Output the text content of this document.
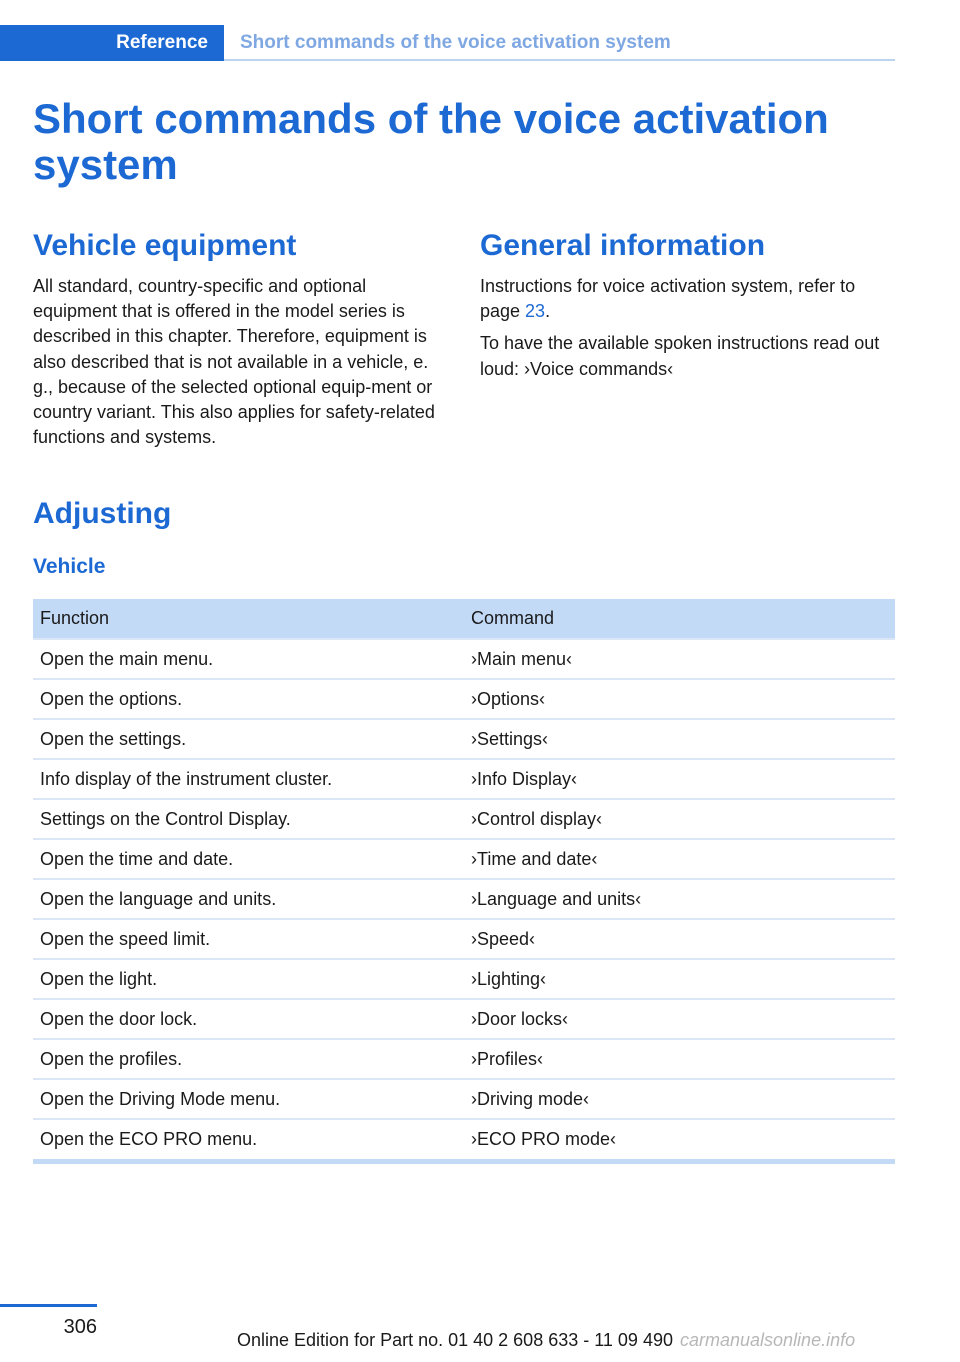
Reference	Short commands of the voice activation system
Short commands of the voice activation system
Vehicle equipment

All standard, country-specific and optional equipment that is offered in the model series is described in this chapter. Therefore, equipment is also described that is not available in a vehicle, e. g., because of the selected optional equip-ment or country variant. This also applies for safety-related functions and systems.

General information

Instructions for voice activation system, refer to page 23.

To have the available spoken instructions read out loud: ›Voice commands‹

Adjusting
Vehicle
Function	Command
Open the main menu.	›Main menu‹
Open the options.	›Options‹
Open the settings.	›Settings‹
Info display of the instrument cluster.	›Info Display‹
Settings on the Control Display.	›Control display‹
Open the time and date.	›Time and date‹
Open the language and units.	›Language and units‹
Open the speed limit.	›Speed‹
Open the light.	›Lighting‹
Open the door lock.	›Door locks‹
Open the profiles.	›Profiles‹
Open the Driving Mode menu.	›Driving mode‹
Open the ECO PRO menu.	›ECO PRO mode‹
306
Online Edition for Part no. 01 40 2 608 633 - 11 09 490 carmanualsonline.info
